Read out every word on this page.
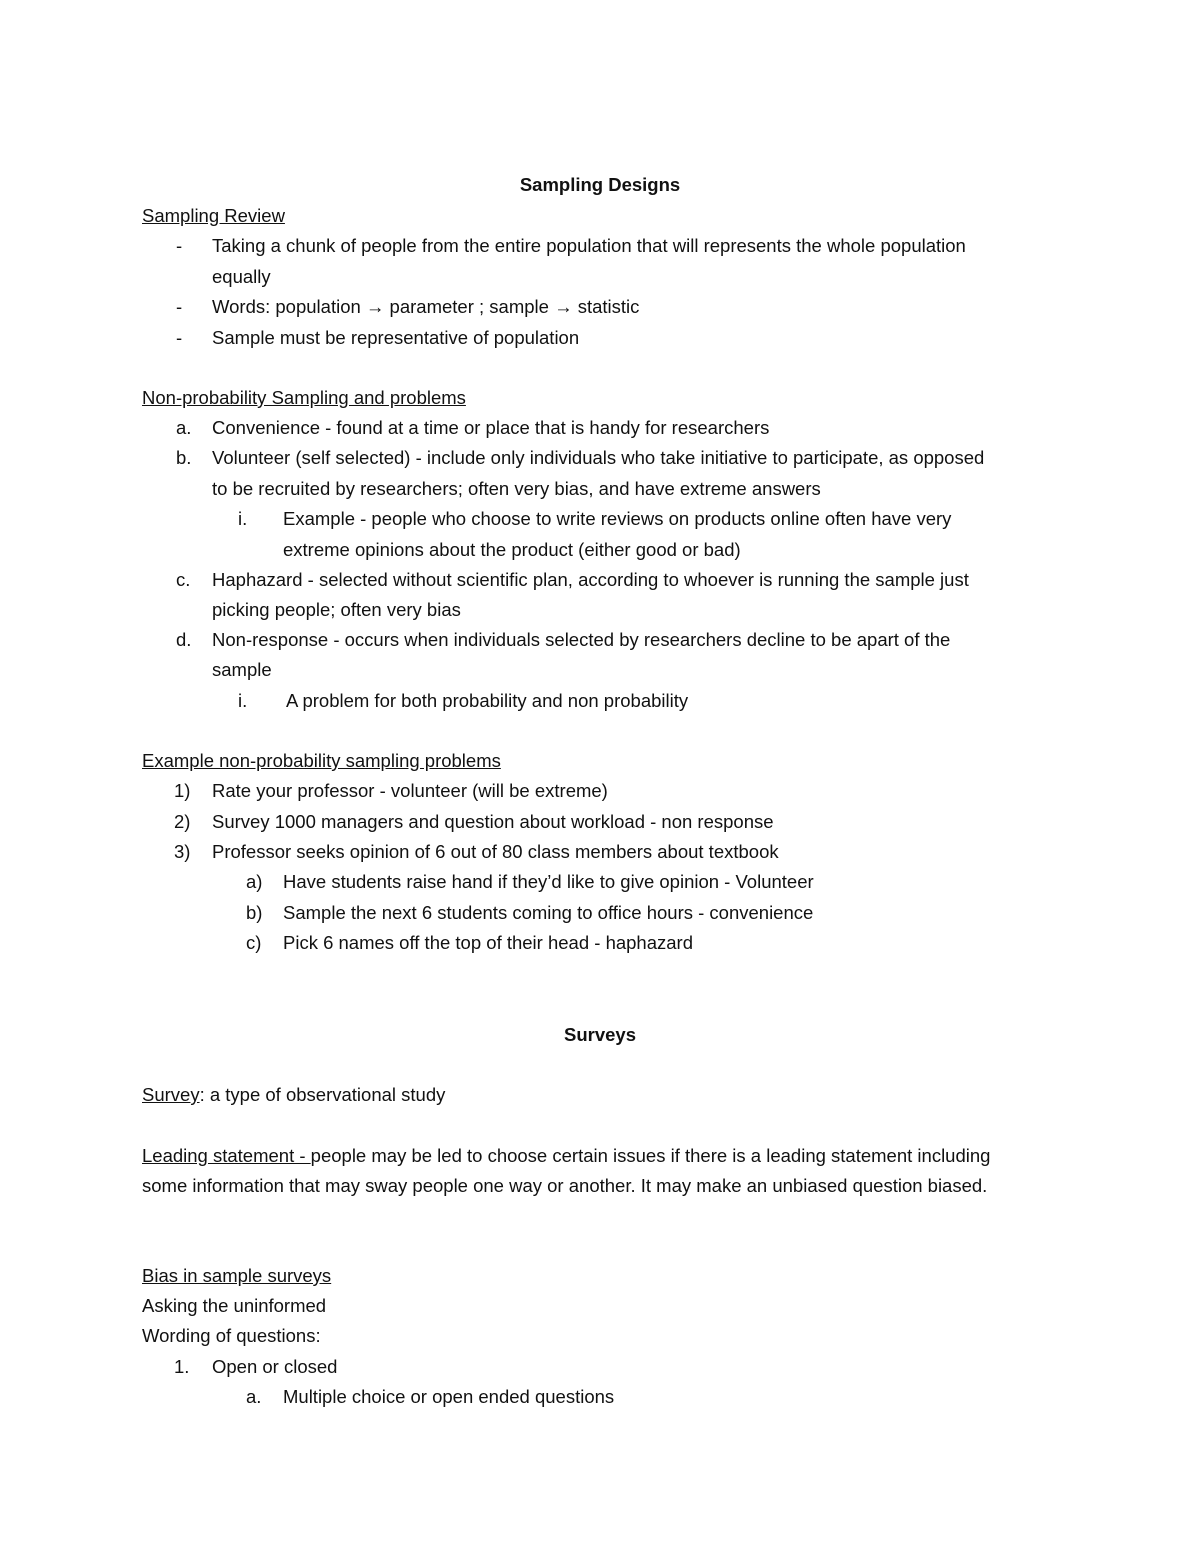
Sampling Designs
Sampling Review
- Taking a chunk of people from the entire population that will represents the whole population
equally
- Words: population → parameter ; sample → statistic
- Sample must be representative of population
Non-probability Sampling and problems
a. Convenience - found at a time or place that is handy for researchers
b. Volunteer (self selected) - include only individuals who take initiative to participate, as opposed
to be recruited by researchers; often very bias, and have extreme answers
i. Example - people who choose to write reviews on products online often have very
extreme opinions about the product (either good or bad)
c. Haphazard - selected without scientific plan, according to whoever is running the sample just
picking people; often very bias
d. Non-response - occurs when individuals selected by researchers decline to be apart of the
sample
i. A problem for both probability and non probability
Example non-probability sampling problems
1) Rate your professor - volunteer (will be extreme)
2) Survey 1000 managers and question about workload - non response
3) Professor seeks opinion of 6 out of 80 class members about textbook
a) Have students raise hand if they’d like to give opinion - Volunteer
b) Sample the next 6 students coming to office hours - convenience
c) Pick 6 names off the top of their head - haphazard
Surveys
Survey: a type of observational study
Leading statement - people may be led to choose certain issues if there is a leading statement including
some information that may sway people one way or another. It may make an unbiased question biased.
Bias in sample surveys
Asking the uninformed
Wording of questions:
1. Open or closed
a. Multiple choice or open ended questions
